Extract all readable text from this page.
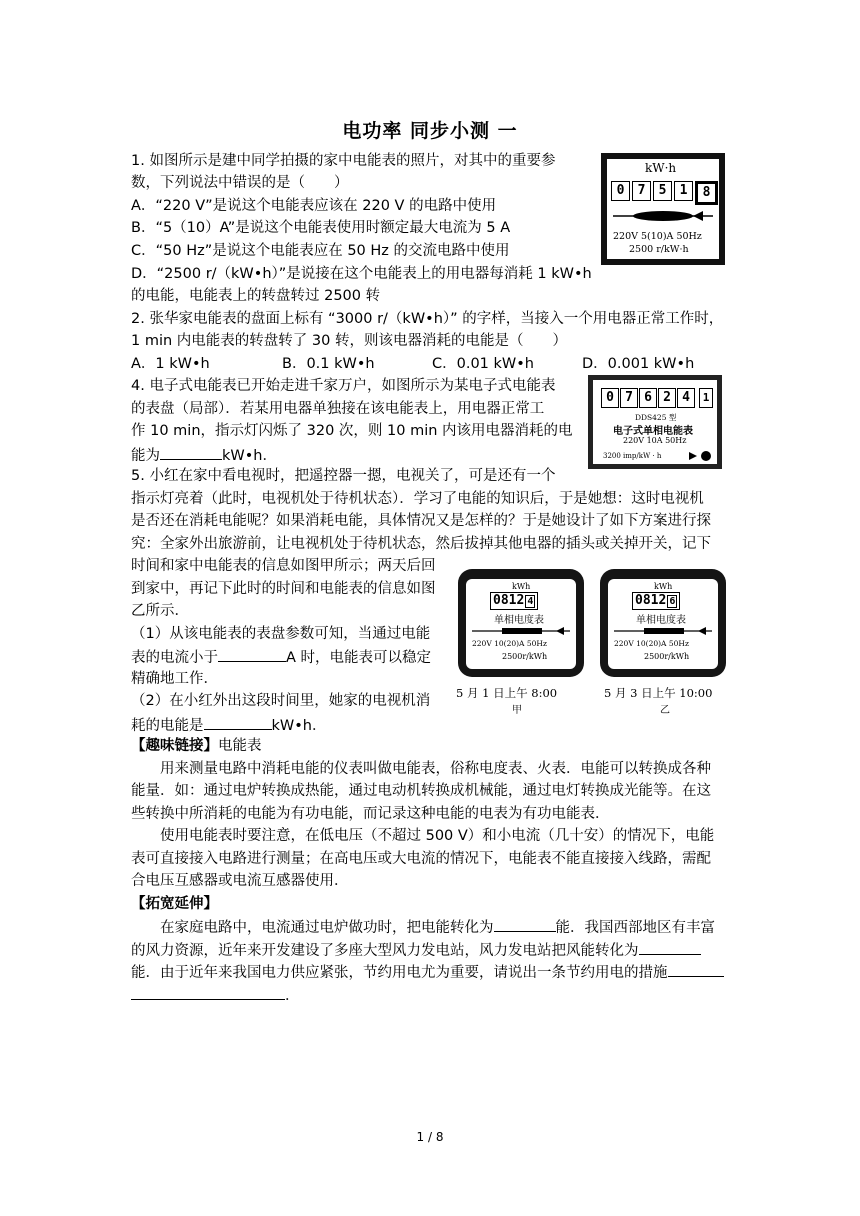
电功率 同步小测 一
1. 如图所示是建中同学拍摄的家中电能表的照片，对其中的重要参
数，下列说法中错误的是（　　）
A．“220 V”是说这个电能表应该在 220 V 的电路中使用
B．“5（10）A”是说这个电能表使用时额定最大电流为 5 A
C．“50 Hz”是说这个电能表应在 50 Hz 的交流电路中使用
D．“2500 r/（kW•h）”是说接在这个电能表上的用电器每消耗 1 kW•h
的电能，电能表上的转盘转过 2500 转
kW·h
0	7	5	1	8
220V 5(10)A 50Hz
2500 r/kW·h
2. 张华家电能表的盘面上标有 “3000 r/（kW•h）” 的字样，当接入一个用电器正常工作时，
1 min 内电能表的转盘转了 30 转，则该电器消耗的电能是（　　）
A．1 kW•h	B．0.1 kW•h	C．0.01 kW•h	D．0.001 kW•h
4. 电子式电能表已开始走进千家万户，如图所示为某电子式电能表
的表盘（局部）．若某用电器单独接在该电能表上，用电器正常工
作 10 min，指示灯闪烁了 320 次，则 10 min 内该用电器消耗的电
能为	kW•h．
0 7 6 2 4	1
DDS425 型
电子式单相电能表
220V 10A 50Hz
3200 imp/kW · h
5. 小红在家中看电视时，把遥控器一摁，电视关了，可是还有一个
指示灯亮着（此时，电视机处于待机状态）．学习了电能的知识后，于是她想：这时电视机
是否还在消耗电能呢？如果消耗电能，具体情况又是怎样的？于是她设计了如下方案进行探
究：全家外出旅游前，让电视机处于待机状态，然后拔掉其他电器的插头或关掉开关，记下
时间和家中电能表的信息如图甲所示；两天后回
到家中，再记下此时的时间和电能表的信息如图
乙所示．
（1）从该电能表的表盘参数可知，当通过电能
表的电流小于	A 时，电能表可以稳定
精确地工作．
（2）在小红外出这段时间里，她家的电视机消
耗的电能是	kW•h．
kWh
0812 4
单相电度表
220V 10(20)A 50Hz
2500r/kWh
kWh
0812 6
单相电度表
220V 10(20)A 50Hz
2500r/kWh
5 月 1 日上午 8:00
甲
5 月 3 日上午 10:00
乙
【趣味链接】电能表
用来测量电路中消耗电能的仪表叫做电能表，俗称电度表、火表．电能可以转换成各种
能量．如：通过电炉转换成热能，通过电动机转换成机械能，通过电灯转换成光能等。在这
些转换中所消耗的电能为有功电能，而记录这种电能的电表为有功电能表．
使用电能表时要注意，在低电压（不超过 500 V）和小电流（几十安）的情况下，电能
表可直接接入电路进行测量；在高电压或大电流的情况下，电能表不能直接接入线路，需配
合电压互感器或电流互感器使用．
【拓宽延伸】
在家庭电路中，电流通过电炉做功时，把电能转化为	能．我国西部地区有丰富
的风力资源，近年来开发建设了多座大型风力发电站，风力发电站把风能转化为
能．由于近年来我国电力供应紧张，节约用电尤为重要，请说出一条节约用电的措施
．
1 / 8
